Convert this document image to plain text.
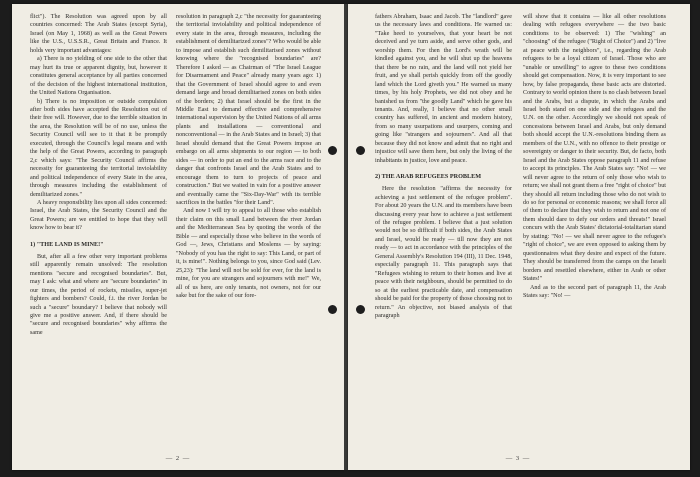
flict"). The Resolution was agreed upon by all countries concerned: The Arab States (except Syria), Israel (on May 1, 1968) as well as the Great Powers like the U.S., U.S.S.R., Great Britain and France. It holds very important advantages:

a) There is no yielding of one side to the other that may hurt its true or apparent dignity, but, however it constitutes general acceptance by all parties concerned of the decision of the highest international institution, the United Nations Organisation.

b) There is no imposition or outside compulsion after both sides have accepted the Resolution out of their free will. However, due to the terrible situation in the area, the Resolution will be of no use, unless the Security Council will see to it that it be promptly executed, through the Council's legal means and with the help of the Great Powers, according to paragraph 2,c which says: "The Security Council affirms the necessity for guaranteeing the territorial inviolability and political independence of every State in the area, through measures including the establishment of demilitarized zones."

A heavy responsibility lies upon all sides concerned: Israel, the Arab States, the Security Council and the Great Powers; are we entitled to hope that they will know how to bear it?

1) "THE LAND IS MINE!"

But, after all a few other very important problems still apparently remain unsolved: The resolution mentions "secure and recognised boundaries". But, may I ask: what and where are "secure boundaries" in our times, the period of rockets, missiles, super-jet fighters and bombers? Could, f.i. the river Jordan be such a "secure" boundary? I believe that nobody will give me a positive answer. And, if there should be "secure and recognised boundaries" why affirms the same

resolution in paragraph 2,c "the necessity for guaranteeing the territorial inviolability and political independence of every state in the area, through measures, including the establishment of demilitarized zones"? Who would be able to impose and establish such demilitarised zones without knowing where the "recognised boundaries" are? Therefore I asked — as Chairman of "The Israel League for Disarmament and Peace" already many years ago: 1) that the Government of Israel should agree to and even demand large and broad demilitarised zones on both sides of the borders; 2) that Israel should be the first in the Middle East to demand effective and comprehensive international supervision by the United Nations of all arms plants and installations — conventional and nonconventional — in the Arab States and in Israel; 3) that Israel should demand that the Great Powers impose an embargo on all arms shipments to our region — to both sides — in order to put an end to the arms race and to the danger that confronts Israel and the Arab States and to encourage them to turn to projects of peace and construction." But we waited in vain for a positive answer and eventually came the "Six-Day-War" with its terrible sacrifices in the battles "for their Land".

And now I will try to appeal to all those who establish their claim on this small Land between the river Jordan and the Mediterranean Sea by quoting the words of the Bible — and especially those who believe in the words of God —, Jews, Christians and Moslems — by saying: "Nobody of you has the right to say: This Land, or part of it, is mine!". Nothing belongs to you, since God said (Lev. 25,23): "The land will not be sold for ever, for the land is mine, for you are strangers and sojourners with me!" We, all of us here, are only tenants, not owners, not for our sake but for the sake of our fore-

— 2 —

fathers Abraham, Isaac and Jacob. The "landlord" gave us the necessary laws and conditions. He warned us: "Take heed to yourselves, that your heart be not deceived and ye turn aside, and serve other gods, and worship them. For then the Lord's wrath will be kindled against you, and he will shut up the heavens that there be no rain, and the land will not yield her fruit, and ye shall perish quickly from off the goodly land which the Lord giveth you." He warned us many times, by his holy Prophets, we did not obey and he banished us from "the goodly Land" which he gave his tenants. And, really, I believe that no other small country has suffered, in ancient and modern history, from so many usurpations and usurpers, coming and going like "strangers and sojourners". And all that because they did not know and admit that no right and injustice will save them here, but only the living of the inhabitants in justice, love and peace.

2) THE ARAB REFUGEES PROBLEM

Here the resolution "affirms the necessity for achieving a just settlement of the refugee problem". For about 20 years the U.N. and its members have been discussing every year how to achieve a just settlement of the refugee problem. I believe that a just solution would not be so difficult if both sides, the Arab States and Israel, would be ready — till now they are not ready — to act in accordance with the principles of the General Assembly's Resolution 194 (III), 11 Dec. 1948, especially paragraph 11. This paragraph says that "Refugees wishing to return to their homes and live at peace with their neighbours, should be permitted to do so at the earliest practicable date, and compensation should be paid for the property of those choosing not to return." An objective, not biased analysis of that paragraph

will show that it contains — like all other resolutions dealing with refugees everywhere — the two basic conditions to be observed: 1) The "wishing" an "choosing" of the refugee ("Right of Choice") and 2) "live at peace with the neighbors", i.e., regarding the Arab refugees to be a loyal citizen of Israel. Those who are "unable or unwilling" to agree to these two conditions should get compensation. Now, it is very important to see how, by false propaganda, these basic acts are distorted. Contrary to world opinion there is no clash between Israel and the Arabs, but a dispute, in which the Arabs and Israel both stand on one side and the refugees and the U.N. on the other. Accordingly we should not speak of concessions between Israel and Arabs, but only demand both should accept the U.N.-resolutions binding them as members of the U.N., with no offence to their prestige or sovereignty or danger to their security. But, de facto, both Israel and the Arab States oppose paragraph 11 and refuse to accept its principles. The Arab States say: "No! — we will never agree to the return of only those who wish to return; we shall not grant them a free "right of choice" but they should all return including those who do not wish to do so for personal or economic reasons; we shall force all of them to declare that they wish to return and not one of them should dare to defy our orders and threats!" Israel concurs with the Arab States' dictatorial-totalitarian stand by stating: "No! — we shall never agree to the refugee's "right of choice", we are even opposed to asking them by questionnaires what they desire and expect of the future. They should be transferred from the camps on the Israeli borders and resettled elsewhere, either in Arab or other States!"

And as to the second part of paragraph 11, the Arab States say: "No! —

— 3 —
